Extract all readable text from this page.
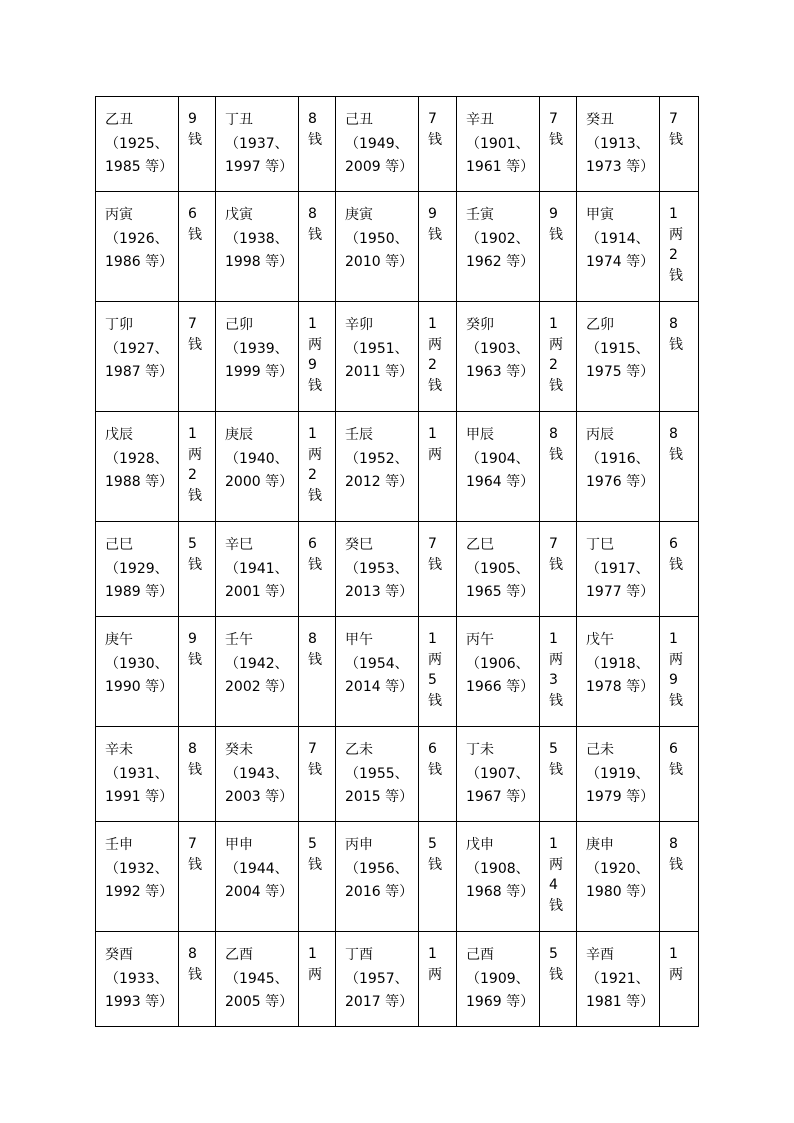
乙丑
（1925、
1985 等）	9
钱	丁丑
（1937、
1997 等）	8
钱	己丑
（1949、
2009 等）	7
钱	辛丑
（1901、
1961 等）	7
钱	癸丑
（1913、
1973 等）	7
钱

丙寅
（1926、
1986 等）	6
钱	戊寅
（1938、
1998 等）	8
钱	庚寅
（1950、
2010 等）	9
钱	壬寅
（1902、
1962 等）	9
钱	甲寅
（1914、
1974 等）	1
两
2
钱

丁卯
（1927、
1987 等）	7
钱	己卯
（1939、
1999 等）	1
两
9
钱	辛卯
（1951、
2011 等）	1
两
2
钱	癸卯
（1903、
1963 等）	1
两
2
钱	乙卯
（1915、
1975 等）	8
钱

戊辰
（1928、
1988 等）	1
两
2
钱	庚辰
（1940、
2000 等）	1
两
2
钱	壬辰
（1952、
2012 等）	1
两	甲辰
（1904、
1964 等）	8
钱	丙辰
（1916、
1976 等）	8
钱

己巳
（1929、
1989 等）	5
钱	辛巳
（1941、
2001 等）	6
钱	癸巳
（1953、
2013 等）	7
钱	乙巳
（1905、
1965 等）	7
钱	丁巳
（1917、
1977 等）	6
钱

庚午
（1930、
1990 等）	9
钱	壬午
（1942、
2002 等）	8
钱	甲午
（1954、
2014 等）	1
两
5
钱	丙午
（1906、
1966 等）	1
两
3
钱	戊午
（1918、
1978 等）	1
两
9
钱

辛未
（1931、
1991 等）	8
钱	癸未
（1943、
2003 等）	7
钱	乙未
（1955、
2015 等）	6
钱	丁未
（1907、
1967 等）	5
钱	己未
（1919、
1979 等）	6
钱

壬申
（1932、
1992 等）	7
钱	甲申
（1944、
2004 等）	5
钱	丙申
（1956、
2016 等）	5
钱	戊申
（1908、
1968 等）	1
两
4
钱	庚申
（1920、
1980 等）	8
钱

癸酉
（1933、
1993 等）	8
钱	乙酉
（1945、
2005 等）	1
两	丁酉
（1957、
2017 等）	1
两	己酉
（1909、
1969 等）	5
钱	辛酉
（1921、
1981 等）	1
两
